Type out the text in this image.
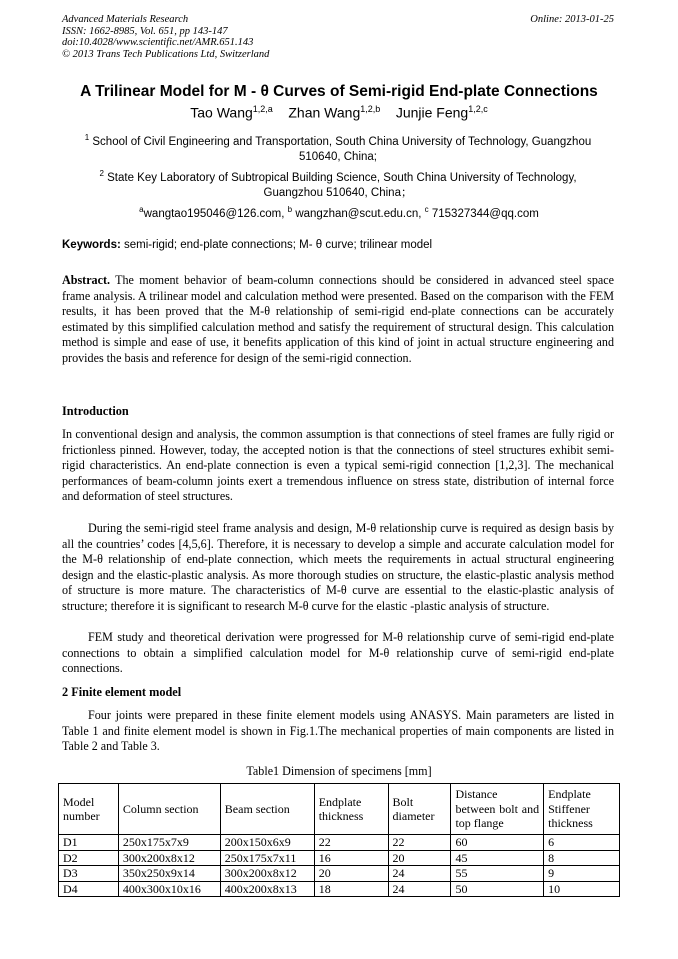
Advanced Materials Research
ISSN: 1662-8985, Vol. 651, pp 143-147
doi:10.4028/www.scientific.net/AMR.651.143
© 2013 Trans Tech Publications Ltd, Switzerland
Online: 2013-01-25
A Trilinear Model for M - θ Curves of Semi-rigid End-plate Connections
Tao Wang$^{1,2,a}$ Zhan Wang$^{1,2,b}$ Junjie Feng$^{1,2,c}$
$^1$ School of Civil Engineering and Transportation, South China University of Technology, Guangzhou
510640, China;
$^2$ State Key Laboratory of Subtropical Building Science, South China University of Technology,
Guangzhou 510640, China；
$^a$wangtao195046@126.com, $^b$ wangzhan@scut.edu.cn, $^c$ 715327344@qq.com
Keywords: semi-rigid; end-plate connections; M- θ curve; trilinear model
Abstract. The moment behavior of beam-column connections should be considered in advanced steel space frame analysis. A trilinear model and calculation method were presented. Based on the comparison with the FEM results, it has been proved that the M-θ relationship of semi-rigid end-plate connections can be accurately estimated by this simplified calculation method and satisfy the requirement of structural design. This calculation method is simple and ease of use, it benefits application of this kind of joint in actual structure engineering and provides the basis and reference for design of the semi-rigid connection.
Introduction
In conventional design and analysis, the common assumption is that connections of steel frames are fully rigid or frictionless pinned. However, today, the accepted notion is that the connections of steel structures exhibit semi-rigid characteristics. An end-plate connection is even a typical semi-rigid connection [1,2,3]. The mechanical performances of beam-column joints exert a tremendous influence on stress state, distribution of internal force and deformation of steel structures.
During the semi-rigid steel frame analysis and design, M-θ relationship curve is required as design basis by all the countries’ codes [4,5,6]. Therefore, it is necessary to develop a simple and accurate calculation model for the M-θ relationship of end-plate connection, which meets the requirements in actual structural engineering design and the elastic-plastic analysis. As more thorough studies on structure, the elastic-plastic analysis method of structure is more mature. The characteristics of M-θ curve are essential to the elastic-plastic analysis of structure; therefore it is significant to research M-θ curve for the elastic -plastic analysis of structure.
FEM study and theoretical derivation were progressed for M-θ relationship curve of semi-rigid end-plate connections to obtain a simplified calculation model for M-θ relationship curve of semi-rigid end-plate connections.
2 Finite element model
Four joints were prepared in these finite element models using ANASYS. Main parameters are listed in Table 1 and finite element model is shown in Fig.1.The mechanical properties of main components are listed in Table 2 and Table 3.
Table1 Dimension of specimens [mm]
Model number	Column section	Beam section	Endplate thickness	Bolt diameter	Distance between bolt and top flange	Endplate Stiffener thickness
D1	250x175x7x9	200x150x6x9	22	22	60	6
D2	300x200x8x12	250x175x7x11	16	20	45	8
D3	350x250x9x14	300x200x8x12	20	24	55	9
D4	400x300x10x16	400x200x8x13	18	24	50	10
